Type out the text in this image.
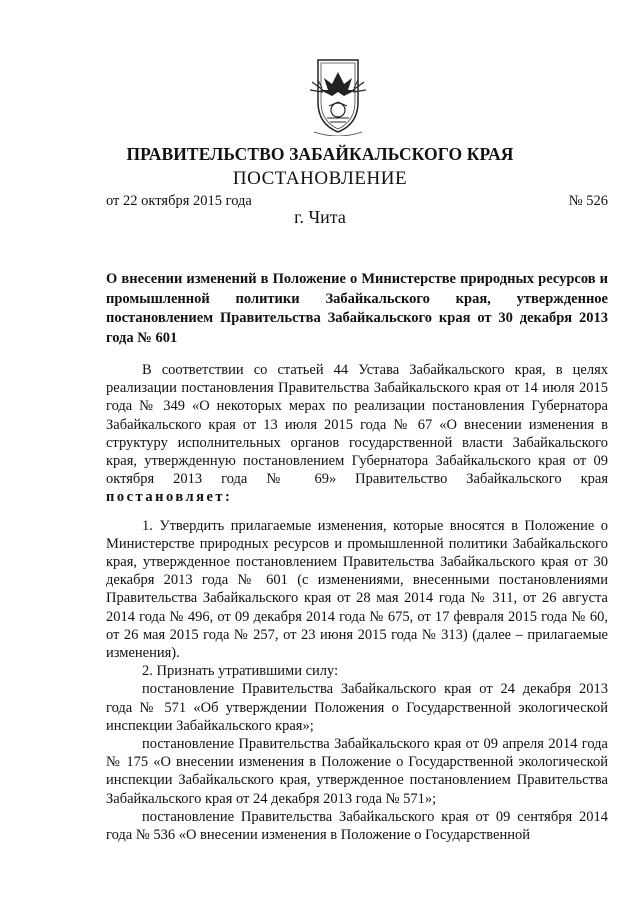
ПРАВИТЕЛЬСТВО ЗАБАЙКАЛЬСКОГО КРАЯ
ПОСТАНОВЛЕНИЕ
от 22 октября 2015 года	№ 526
г. Чита
О внесении изменений в Положение о Министерстве природных ресурсов и промышленной политики Забайкальского края, утвержденное постановлением Правительства Забайкальского края от 30 декабря 2013 года № 601

В соответствии со статьей 44 Устава Забайкальского края, в целях реализации постановления Правительства Забайкальского края от 14 июля 2015 года № 349 «О некоторых мерах по реализации постановления Губернатора Забайкальского края от 13 июля 2015 года № 67 «О внесении изменения в структуру исполнительных органов государственной власти Забайкальского края, утвержденную постановлением Губернатора Забайкальского края от 09 октября 2013 года № 69» Правительство Забайкальского края постановляет:

1. Утвердить прилагаемые изменения, которые вносятся в Положение о Министерстве природных ресурсов и промышленной политики Забайкальского края, утвержденное постановлением Правительства Забайкальского края от 30 декабря 2013 года № 601 (с изменениями, внесенными постановлениями Правительства Забайкальского края от 28 мая 2014 года № 311, от 26 августа 2014 года № 496, от 09 декабря 2014 года № 675, от 17 февраля 2015 года № 60, от 26 мая 2015 года № 257, от 23 июня 2015 года № 313) (далее – прилагаемые изменения).

2. Признать утратившими силу:

постановление Правительства Забайкальского края от 24 декабря 2013 года № 571 «Об утверждении Положения о Государственной экологической инспекции Забайкальского края»;

постановление Правительства Забайкальского края от 09 апреля 2014 года № 175 «О внесении изменения в Положение о Государственной экологической инспекции Забайкальского края, утвержденное постановлением Правительства Забайкальского края от 24 декабря 2013 года № 571»;

постановление Правительства Забайкальского края от 09 сентября 2014 года № 536 «О внесении изменения в Положение о Государственной
